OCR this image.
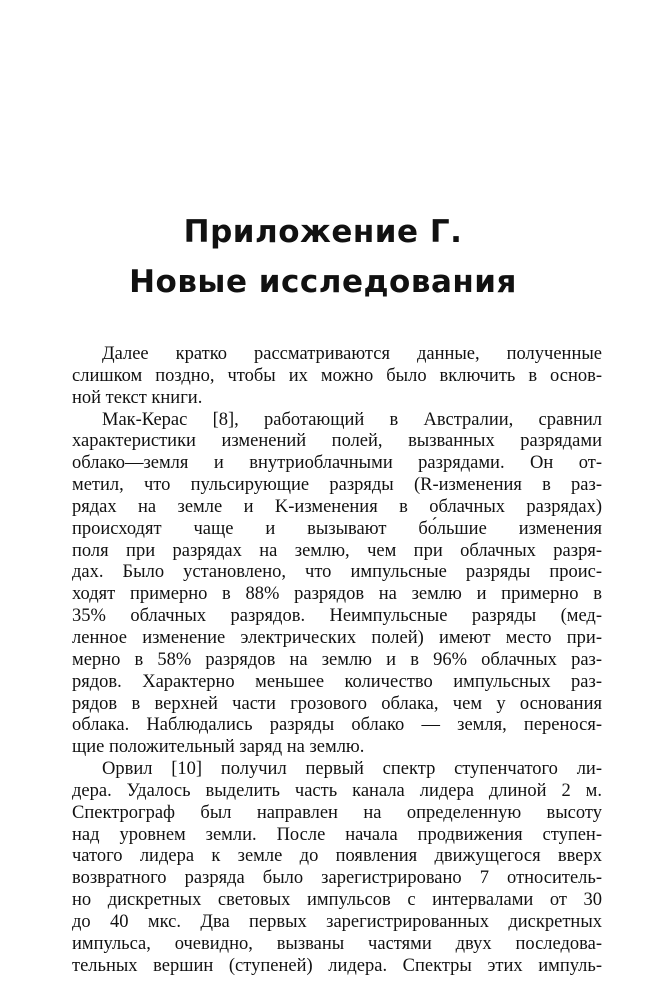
Приложение Г.
Новые исследования

Далее кратко рассматриваются данные, полученные
слишком поздно, чтобы их можно было включить в основ-
ной текст книги.

Мак-Керас [8], работающий в Австралии, сравнил
характеристики изменений полей, вызванных разрядами
облако—земля и внутриоблачными разрядами. Он от-
метил, что пульсирующие разряды (R-изменения в раз-
рядах на земле и K-изменения в облачных разрядах)
происходят чаще и вызывают бо́льшие изменения
поля при разрядах на землю, чем при облачных разря-
дах. Было установлено, что импульсные разряды проис-
ходят примерно в 88% разрядов на землю и примерно в
35% облачных разрядов. Неимпульсные разряды (мед-
ленное изменение электрических полей) имеют место при-
мерно в 58% разрядов на землю и в 96% облачных раз-
рядов. Характерно меньшее количество импульсных раз-
рядов в верхней части грозового облака, чем у основания
облака. Наблюдались разряды облако — земля, перенося-
щие положительный заряд на землю.

Орвил [10] получил первый спектр ступенчатого ли-
дера. Удалось выделить часть канала лидера длиной 2 м.
Спектрограф был направлен на определенную высоту
над уровнем земли. После начала продвижения ступен-
чатого лидера к земле до появления движущегося вверх
возвратного разряда было зарегистрировано 7 относитель-
но дискретных световых импульсов с интервалами от 30
до 40 мкс. Два первых зарегистрированных дискретных
импульса, очевидно, вызваны частями двух последова-
тельных вершин (ступеней) лидера. Спектры этих импуль-
